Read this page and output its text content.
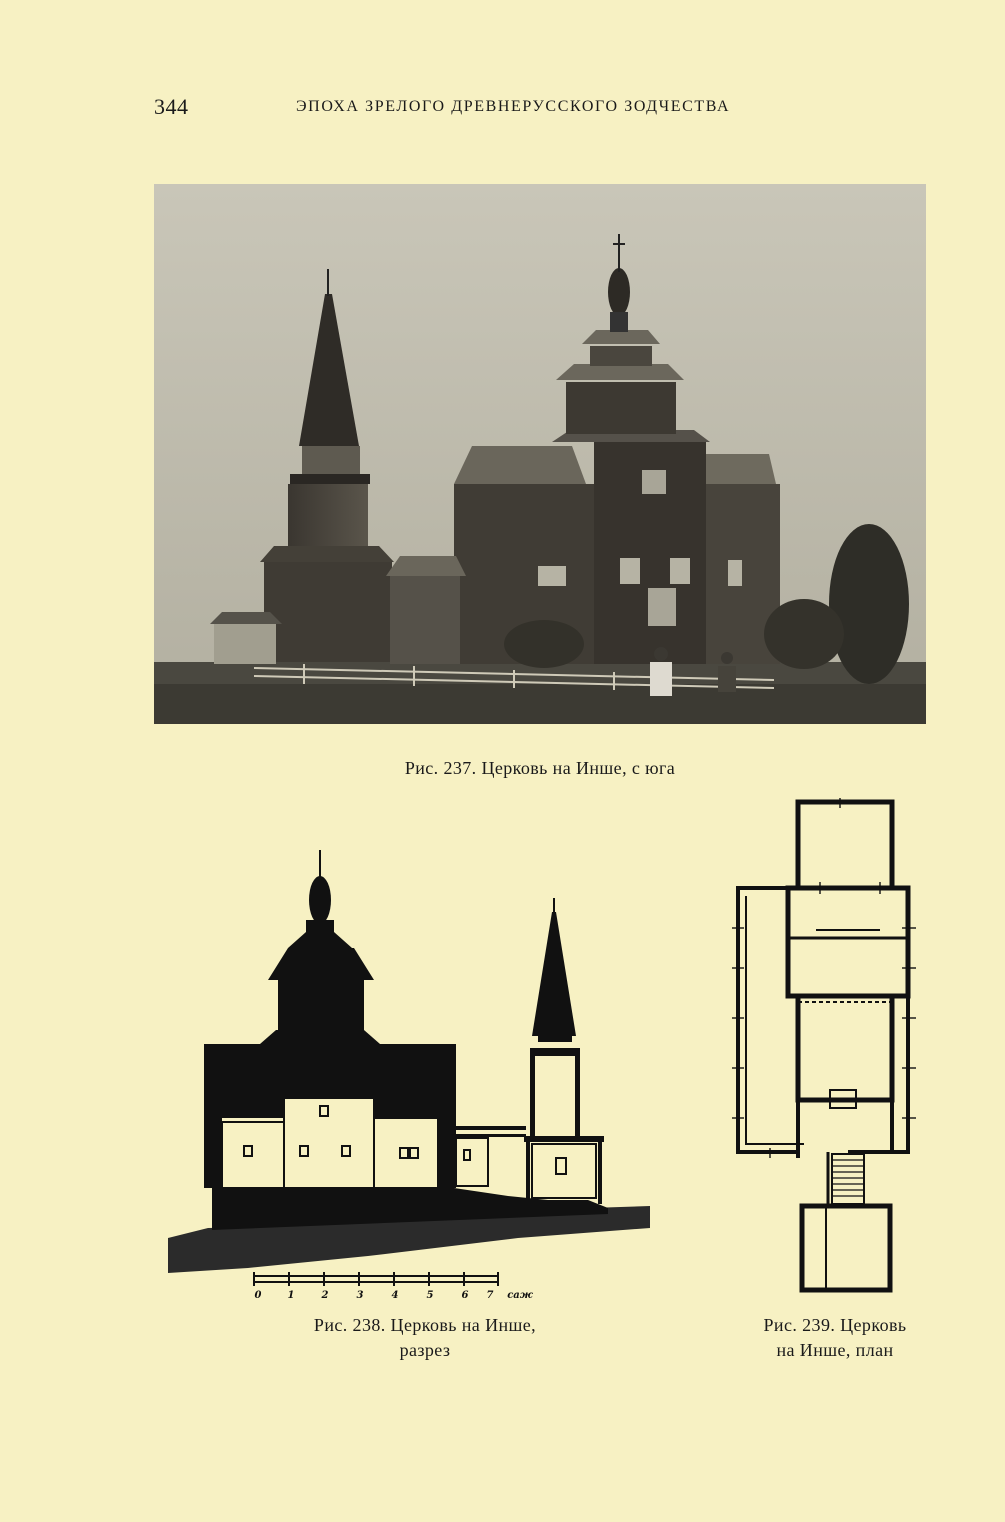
344	ЭПОХА ЗРЕЛОГО ДРЕВНЕРУССКОГО ЗОДЧЕСТВА
Рис. 237. Церковь на Инше, с юга
0	1	2	3	4	5	6 7 саж
Рис. 238. Церковь на Инше,
разрез
Рис. 239. Церковь
на Инше, план
